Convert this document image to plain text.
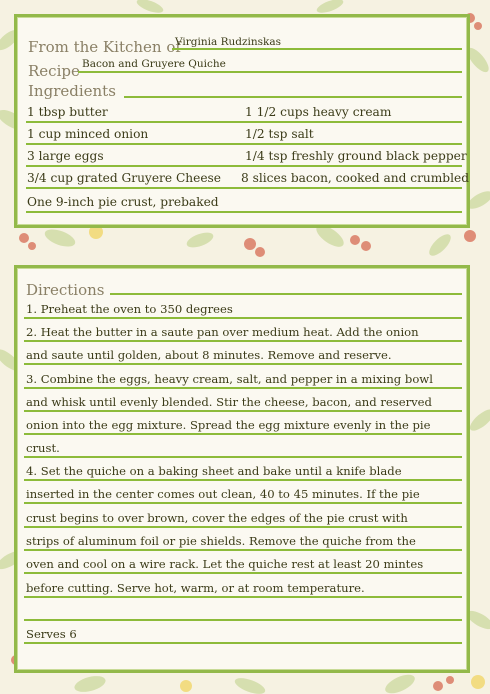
From the Kitchen of
Virginia Rudzinskas
Recipe Bacon and Gruyere Quiche
Ingredients
1 tbsp butter	1 1/2 cups heavy cream
1 cup minced onion	1/2 tsp salt
3 large eggs	1/4 tsp freshly ground black pepper
3/4 cup grated Gruyere Cheese 8 slices bacon, cooked and crumbled
One 9-inch pie crust, prebaked
Directions
1. Preheat the oven to 350 degrees
2. Heat the butter in a saute pan over medium heat. Add the onion
and saute until golden, about 8 minutes. Remove and reserve.
3. Combine the eggs, heavy cream, salt, and pepper in a mixing bowl
and whisk until evenly blended. Stir the cheese, bacon, and reserved
onion into the egg mixture. Spread the egg mixture evenly in the pie
crust.
4. Set the quiche on a baking sheet and bake until a knife blade
inserted in the center comes out clean, 40 to 45 minutes. If the pie
crust begins to over brown, cover the edges of the pie crust with
strips of aluminum foil or pie shields. Remove the quiche from the
oven and cool on a wire rack. Let the quiche rest at least 20 mintes
before cutting. Serve hot, warm, or at room temperature.
Serves 6
